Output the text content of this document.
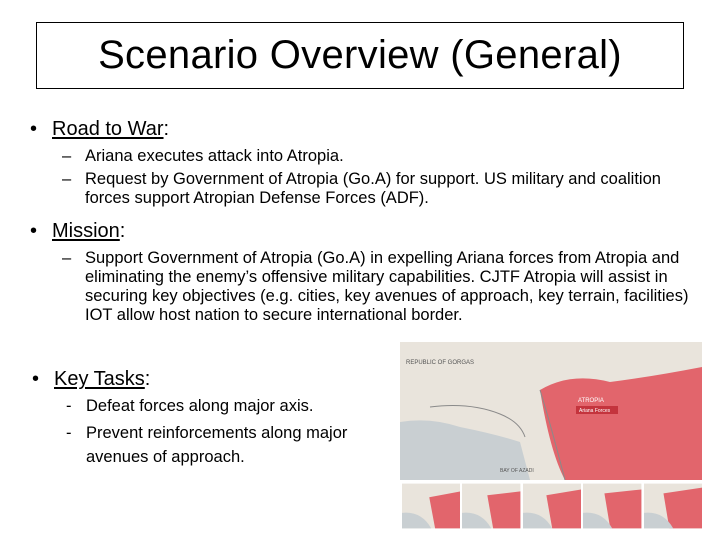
Scenario Overview (General)
• Road to War:
– Ariana executes attack into Atropia.
– Request by Government of Atropia (Go.A) for support. US military and coalition forces support Atropian Defense Forces (ADF).
• Mission:
– Support Government of Atropia (Go.A) in expelling Ariana forces from Atropia and eliminating the enemy’s offensive military capabilities. CJTF Atropia will assist in securing key objectives (e.g. cities, key avenues of approach, key terrain, facilities) IOT allow host nation to secure international border.
• Key Tasks:
- Defeat forces along major axis.
- Prevent reinforcements along major avenues of approach.
REPUBLIC OF GORGAS
ATROPIA
Ariana Forces
BAY OF AZADI
